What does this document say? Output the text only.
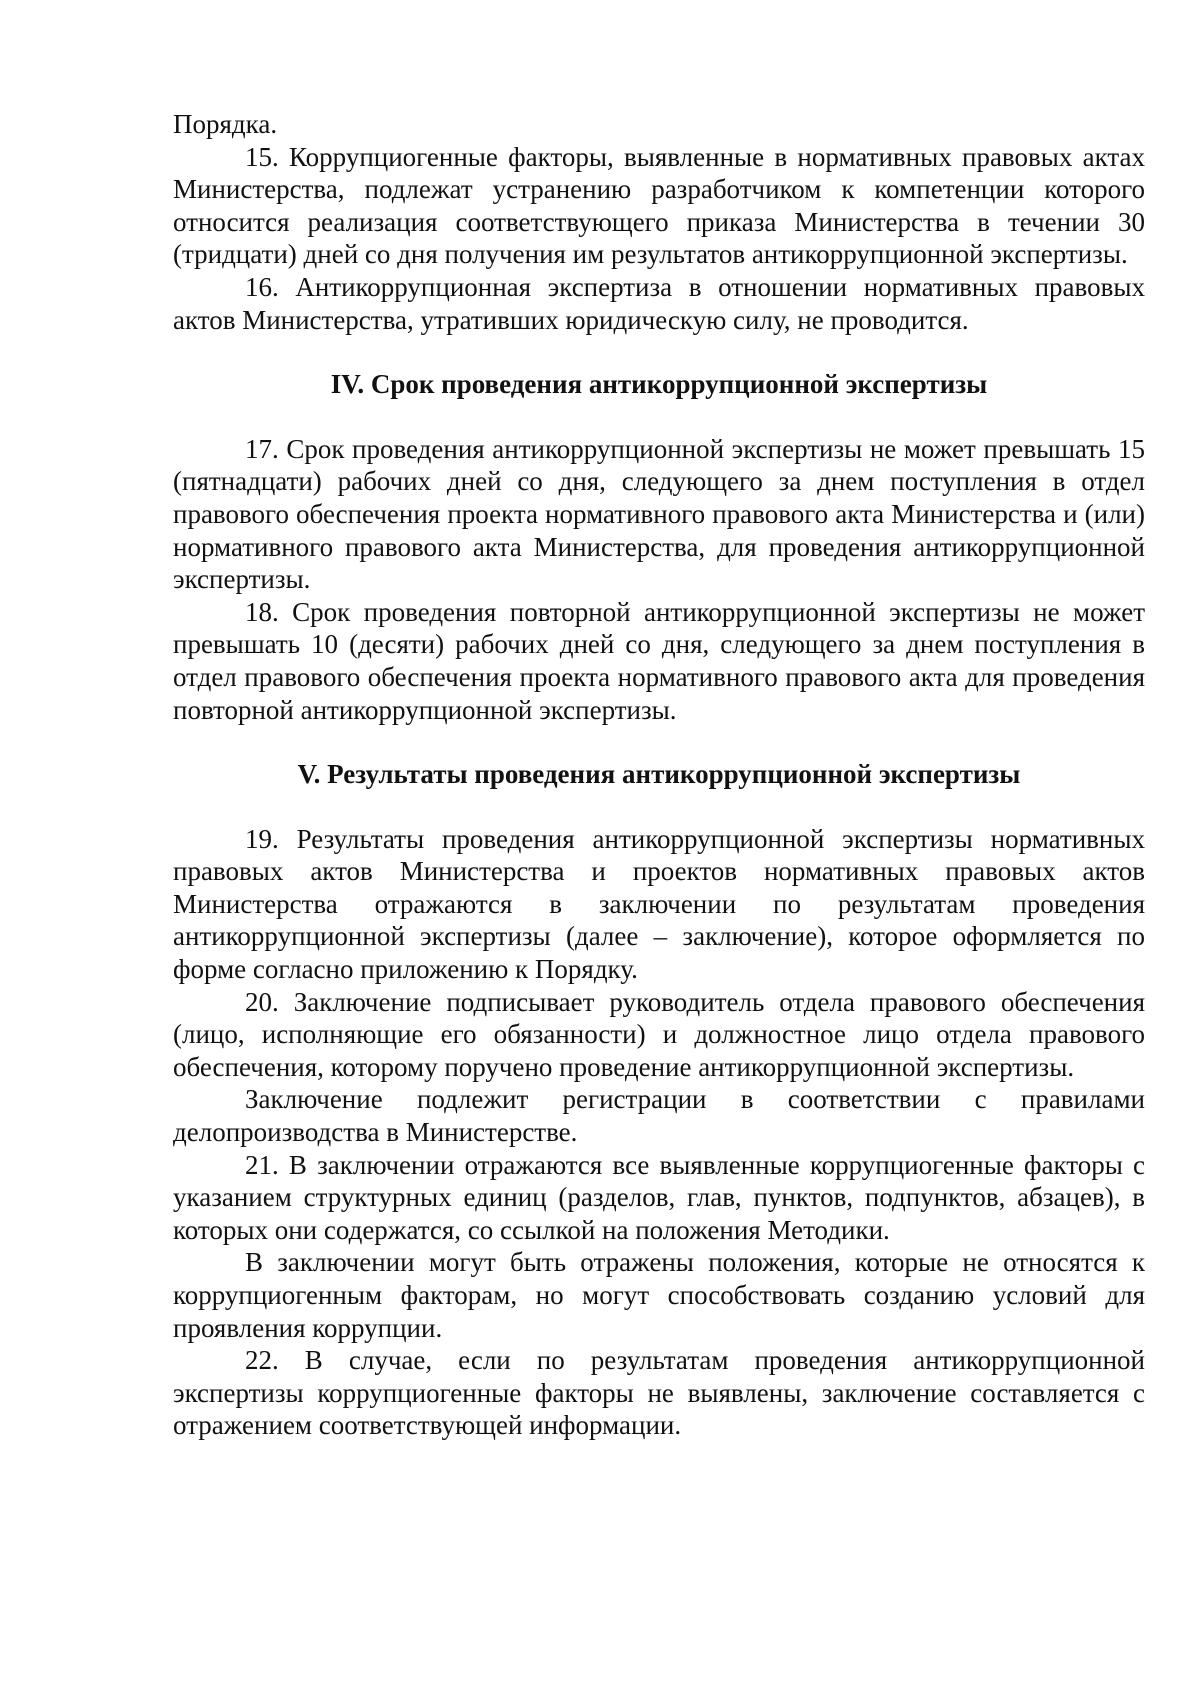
Порядка.

15. Коррупциогенные факторы, выявленные в нормативных правовых актах Министерства, подлежат устранению разработчиком к компетенции которого относится реализация соответствующего приказа Министерства в течении 30 (тридцати) дней со дня получения им результатов антикоррупционной экспертизы.

16. Антикоррупционная экспертиза в отношении нормативных правовых актов Министерства, утративших юридическую силу, не проводится.

IV. Срок проведения антикоррупционной экспертизы

17. Срок проведения антикоррупционной экспертизы не может превышать 15 (пятнадцати) рабочих дней со дня, следующего за днем поступления в отдел правового обеспечения проекта нормативного правового акта Министерства и (или) нормативного правового акта Министерства, для проведения антикоррупционной экспертизы.

18. Срок проведения повторной антикоррупционной экспертизы не может превышать 10 (десяти) рабочих дней со дня, следующего за днем поступления в отдел правового обеспечения проекта нормативного правового акта для проведения повторной антикоррупционной экспертизы.

V. Результаты проведения антикоррупционной экспертизы

19. Результаты проведения антикоррупционной экспертизы нормативных правовых актов Министерства и проектов нормативных правовых актов Министерства отражаются в заключении по результатам проведения антикоррупционной экспертизы (далее – заключение), которое оформляется по форме согласно приложению к Порядку.

20. Заключение подписывает руководитель отдела правового обеспечения (лицо, исполняющие его обязанности) и должностное лицо отдела правового обеспечения, которому поручено проведение антикоррупционной экспертизы.

Заключение подлежит регистрации в соответствии с правилами делопроизводства в Министерстве.

21. В заключении отражаются все выявленные коррупциогенные факторы с указанием структурных единиц (разделов, глав, пунктов, подпунктов, абзацев), в которых они содержатся, со ссылкой на положения Методики.

В заключении могут быть отражены положения, которые не относятся к коррупциогенным факторам, но могут способствовать созданию условий для проявления коррупции.

22. В случае, если по результатам проведения антикоррупционной экспертизы коррупциогенные факторы не выявлены, заключение составляется с отражением соответствующей информации.
